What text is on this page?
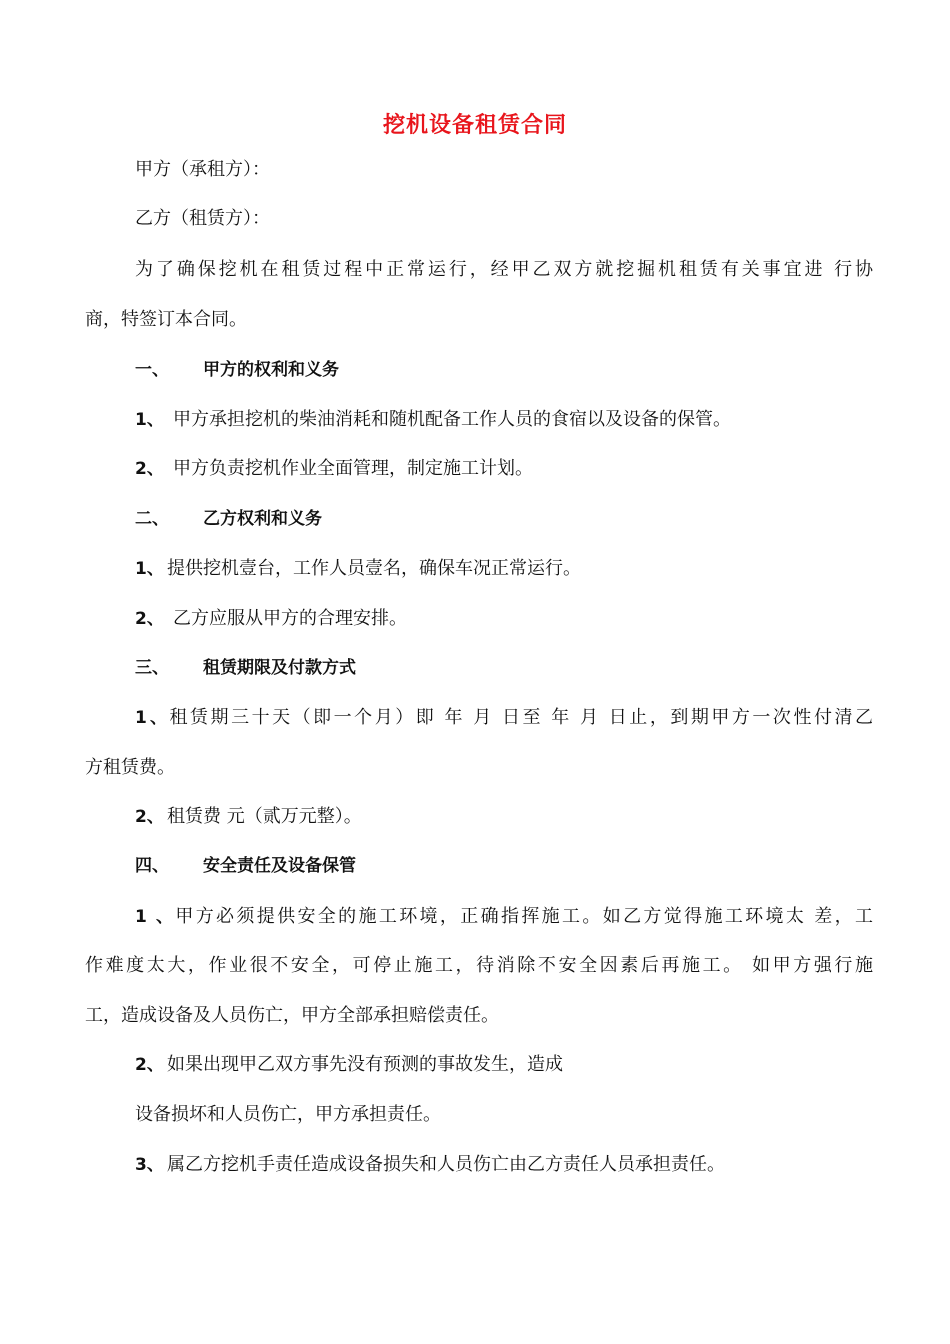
挖机设备租赁合同
甲方（承租方）：
乙方（租赁方）：
为了确保挖机在租赁过程中正常运行，经甲乙双方就挖掘机租赁有关事宜进 行协
商，特签订本合同。
一、 甲方的权利和义务
1、 甲方承担挖机的柴油消耗和随机配备工作人员的食宿以及设备的保管。
2、 甲方负责挖机作业全面管理，制定施工计划。
二、 乙方权利和义务
1、 提供挖机壹台，工作人员壹名，确保车况正常运行。
2、 乙方应服从甲方的合理安排。
三、 租赁期限及付款方式
1、租赁期三十天（即一个月）即 年 月 日至 年 月 日止，到期甲方一次性付清乙
方租赁费。
2、 租赁费 元（贰万元整）。
四、 安全责任及设备保管
1、甲方必须提供安全的施工环境，正确指挥施工。如乙方觉得施工环境太 差，工
作难度太大，作业很不安全，可停止施工，待消除不安全因素后再施工。 如甲方强行施
工，造成设备及人员伤亡，甲方全部承担赔偿责任。
2、 如果出现甲乙双方事先没有预测的事故发生，造成
设备损坏和人员伤亡，甲方承担责任。
3、 属乙方挖机手责任造成设备损失和人员伤亡由乙方责任人员承担责任。
